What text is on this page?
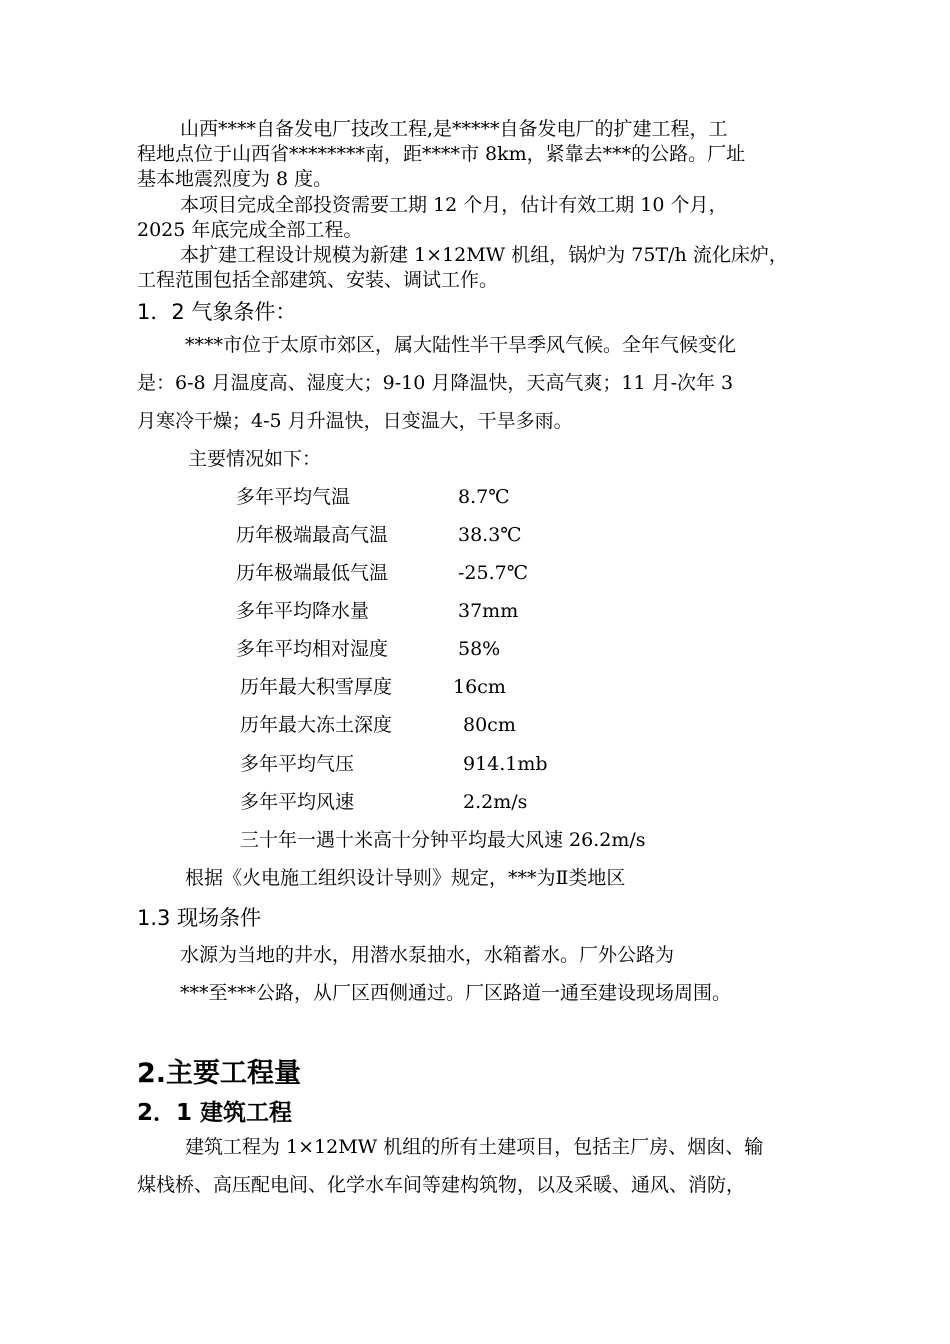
山西****自备发电厂技改工程,是*****自备发电厂的扩建工程，工
程地点位于山西省********南，距****市 8km，紧靠去***的公路。厂址
基本地震烈度为 8 度。
本项目完成全部投资需要工期 12 个月，估计有效工期 10 个月，
2025 年底完成全部工程。
本扩建工程设计规模为新建 1×12MW 机组，锅炉为 75T/h 流化床炉，
工程范围包括全部建筑、安装、调试工作。
1．2 气象条件：
****市位于太原市郊区，属大陆性半干旱季风气候。全年气候变化
是：6-8 月温度高、湿度大；9-10 月降温快，天高气爽；11 月-次年 3
月寒冷干燥；4-5 月升温快，日变温大，干旱多雨。
主要情况如下：
多年平均气温	8.7℃
历年极端最高气温	38.3℃
历年极端最低气温	-25.7℃
多年平均降水量	37mm
多年平均相对湿度	58%
历年最大积雪厚度	16cm
历年最大冻土深度	80cm
多年平均气压	914.1mb
多年平均风速	2.2m/s
三十年一遇十米高十分钟平均最大风速 26.2m/s
根据《火电施工组织设计导则》规定，***为Ⅱ类地区
1.3 现场条件
水源为当地的井水，用潜水泵抽水，水箱蓄水。厂外公路为
***至***公路，从厂区西侧通过。厂区路道一通至建设现场周围。
2.主要工程量
2．1 建筑工程
建筑工程为 1×12MW 机组的所有土建项目，包括主厂房、烟囱、输
煤栈桥、高压配电间、化学水车间等建构筑物，以及采暖、通风、消防，
